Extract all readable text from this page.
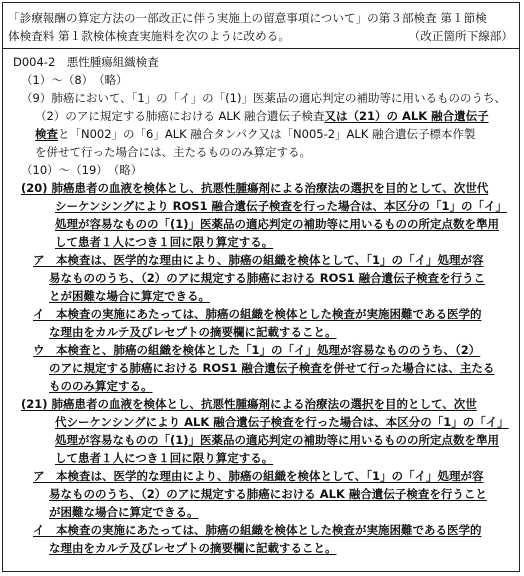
「診療報酬の算定方法の一部改正に伴う実施上の留意事項について」の第３部検査 第１節検
体検査料 第１款検体検査実施料を次のように改める。	（改正箇所下線部）
D004-2　悪性腫瘍組織検査
（1）～（8）　（略）
（9）肺癌において、「1」の「イ」の「(1)」医薬品の適応判定の補助等に用いるもののうち、
（2）のアに規定する肺癌における ALK 融合遺伝子検査又は（21）の ALK 融合遺伝子
検査と「N002」の「6」ALK 融合タンパク又は「N005-2」ALK 融合遺伝子標本作製
を併せて行った場合には、主たるもののみ算定する。
（10）～（19）　（略）
(20) 肺癌患者の血液を検体とし、抗悪性腫瘍剤による治療法の選択を目的として、次世代
シーケンシングにより ROS1 融合遺伝子検査を行った場合は、本区分の「1」の「イ」
処理が容易なものの「(1)」医薬品の適応判定の補助等に用いるものの所定点数を準用
して患者１人につき１回に限り算定する。
ア　本検査は、医学的な理由により、肺癌の組織を検体として、「1」の「イ」処理が容
易なもののうち、（2）のアに規定する肺癌における ROS1 融合遺伝子検査を行うこ
とが困難な場合に算定できる。
イ　本検査の実施にあたっては、肺癌の組織を検体とした検査が実施困難である医学的
な理由をカルテ及びレセプトの摘要欄に記載すること。
ウ　本検査と、肺癌の組織を検体とした「1」の「イ」処理が容易なもののうち、（2）
のアに規定する肺癌における ROS1 融合遺伝子検査を併せて行った場合には、主たる
もののみ算定する。
(21) 肺癌患者の血液を検体とし、抗悪性腫瘍剤による治療法の選択を目的として、次世
代シーケンシングにより ALK 融合遺伝子検査を行った場合は、本区分の「1」の「イ」
処理が容易なものの「(1)」医薬品の適応判定の補助等に用いるものの所定点数を準用
して患者１人につき１回に限り算定する。
ア　本検査は、医学的な理由により、肺癌の組織を検体として、「1」の「イ」処理が容
易なもののうち、（2）のアに規定する肺癌における ALK 融合遺伝子検査を行うこと
が困難な場合に算定できる。
イ　本検査の実施にあたっては、肺癌の組織を検体とした検査が実施困難である医学的
な理由をカルテ及びレセプトの摘要欄に記載すること。
